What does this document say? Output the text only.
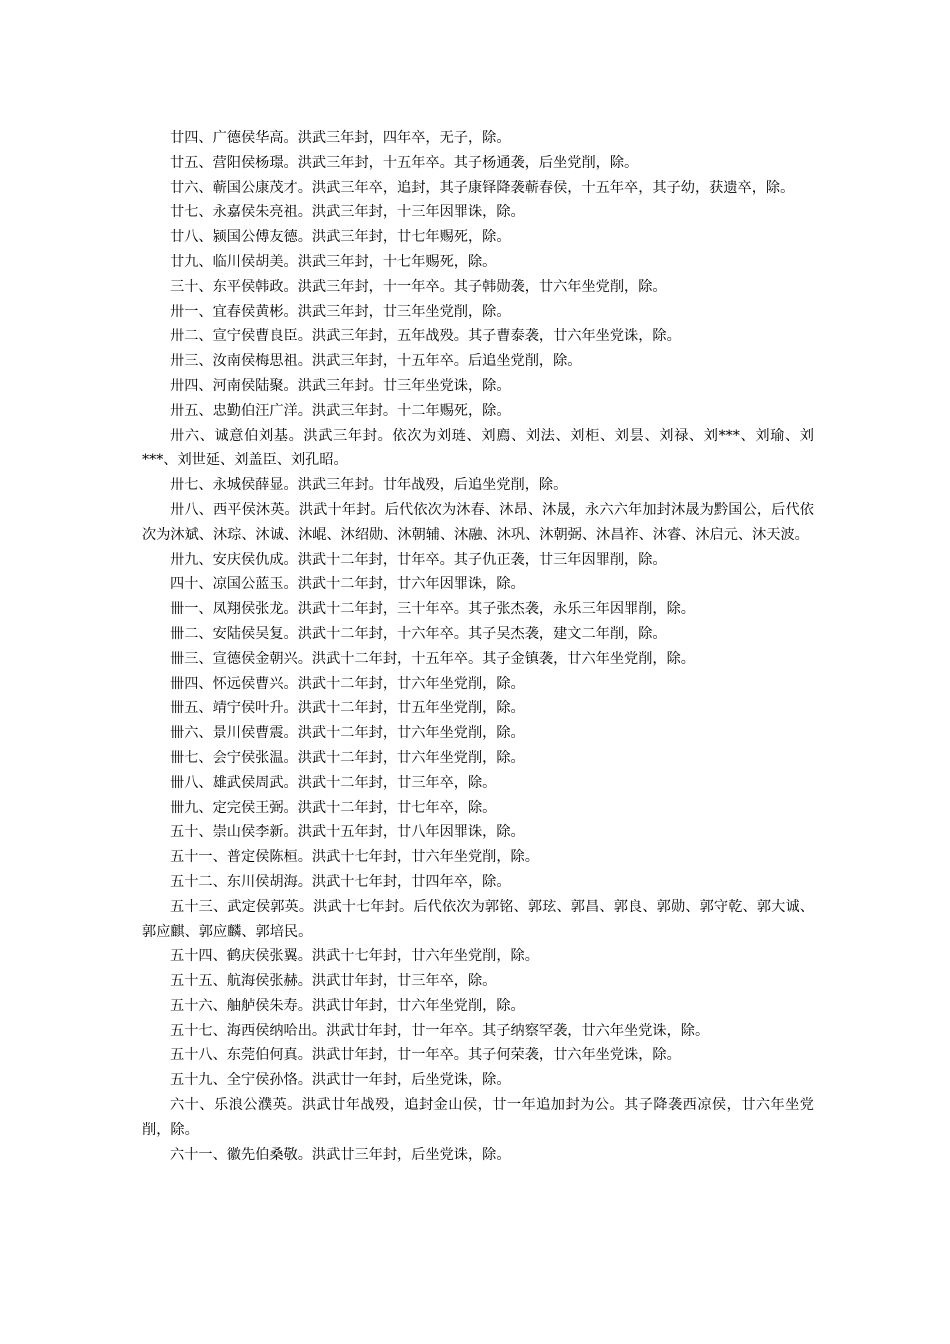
廿四、广德侯华高。洪武三年封，四年卒，无子，除。

廿五、营阳侯杨璟。洪武三年封，十五年卒。其子杨通袭，后坐党削，除。

廿六、蕲国公康茂才。洪武三年卒，追封，其子康铎降袭蕲春侯，十五年卒，其子幼，获遗卒，除。

廿七、永嘉侯朱亮祖。洪武三年封，十三年因罪诛，除。

廿八、颍国公傅友德。洪武三年封，廿七年赐死，除。

廿九、临川侯胡美。洪武三年封，十七年赐死，除。

三十、东平侯韩政。洪武三年封，十一年卒。其子韩勋袭，廿六年坐党削，除。

卅一、宜春侯黄彬。洪武三年封，廿三年坐党削，除。

卅二、宣宁侯曹良臣。洪武三年封，五年战殁。其子曹泰袭，廿六年坐党诛，除。

卅三、汝南侯梅思祖。洪武三年封，十五年卒。后追坐党削，除。

卅四、河南侯陆聚。洪武三年封。廿三年坐党诛，除。

卅五、忠勤伯汪广洋。洪武三年封。十二年赐死，除。

卅六、诚意伯刘基。洪武三年封。依次为刘琏、刘廌、刘法、刘柜、刘昙、刘禄、刘***、刘瑜、刘***、刘世延、刘盖臣、刘孔昭。

卅七、永城侯薛显。洪武三年封。廿年战殁，后追坐党削，除。

卅八、西平侯沐英。洪武十年封。后代依次为沐春、沐昂、沐晟，永六六年加封沐晟为黔国公，后代依次为沐斌、沐琮、沐诚、沐崐、沐绍勋、沐朝辅、沐融、沐巩、沐朝弼、沐昌祚、沐睿、沐启元、沐天波。

卅九、安庆侯仇成。洪武十二年封，廿年卒。其子仇正袭，廿三年因罪削，除。

四十、凉国公蓝玉。洪武十二年封，廿六年因罪诛，除。

卌一、凤翔侯张龙。洪武十二年封，三十年卒。其子张杰袭，永乐三年因罪削，除。

卌二、安陆侯吴复。洪武十二年封，十六年卒。其子吴杰袭，建文二年削，除。

卌三、宣德侯金朝兴。洪武十二年封，十五年卒。其子金镇袭，廿六年坐党削，除。

卌四、怀远侯曹兴。洪武十二年封，廿六年坐党削，除。

卌五、靖宁侯叶升。洪武十二年封，廿五年坐党削，除。

卌六、景川侯曹震。洪武十二年封，廿六年坐党削，除。

卌七、会宁侯张温。洪武十二年封，廿六年坐党削，除。

卌八、雄武侯周武。洪武十二年封，廿三年卒，除。

卌九、定完侯王弼。洪武十二年封，廿七年卒，除。

五十、崇山侯李新。洪武十五年封，廿八年因罪诛，除。

五十一、普定侯陈桓。洪武十七年封，廿六年坐党削，除。

五十二、东川侯胡海。洪武十七年封，廿四年卒，除。

五十三、武定侯郭英。洪武十七年封。后代依次为郭铭、郭玹、郭昌、郭良、郭勋、郭守乾、郭大诚、郭应麒、郭应麟、郭培民。

五十四、鹤庆侯张翼。洪武十七年封，廿六年坐党削，除。

五十五、航海侯张赫。洪武廿年封，廿三年卒，除。

五十六、舳舻侯朱寿。洪武廿年封，廿六年坐党削，除。

五十七、海西侯纳哈出。洪武廿年封，廿一年卒。其子纳察罕袭，廿六年坐党诛，除。

五十八、东莞伯何真。洪武廿年封，廿一年卒。其子何荣袭，廿六年坐党诛，除。

五十九、全宁侯孙恪。洪武廿一年封，后坐党诛，除。

六十、乐浪公濮英。洪武廿年战殁，追封金山侯，廿一年追加封为公。其子降袭西凉侯，廿六年坐党削，除。

六十一、徽先伯桑敬。洪武廿三年封，后坐党诛，除。
